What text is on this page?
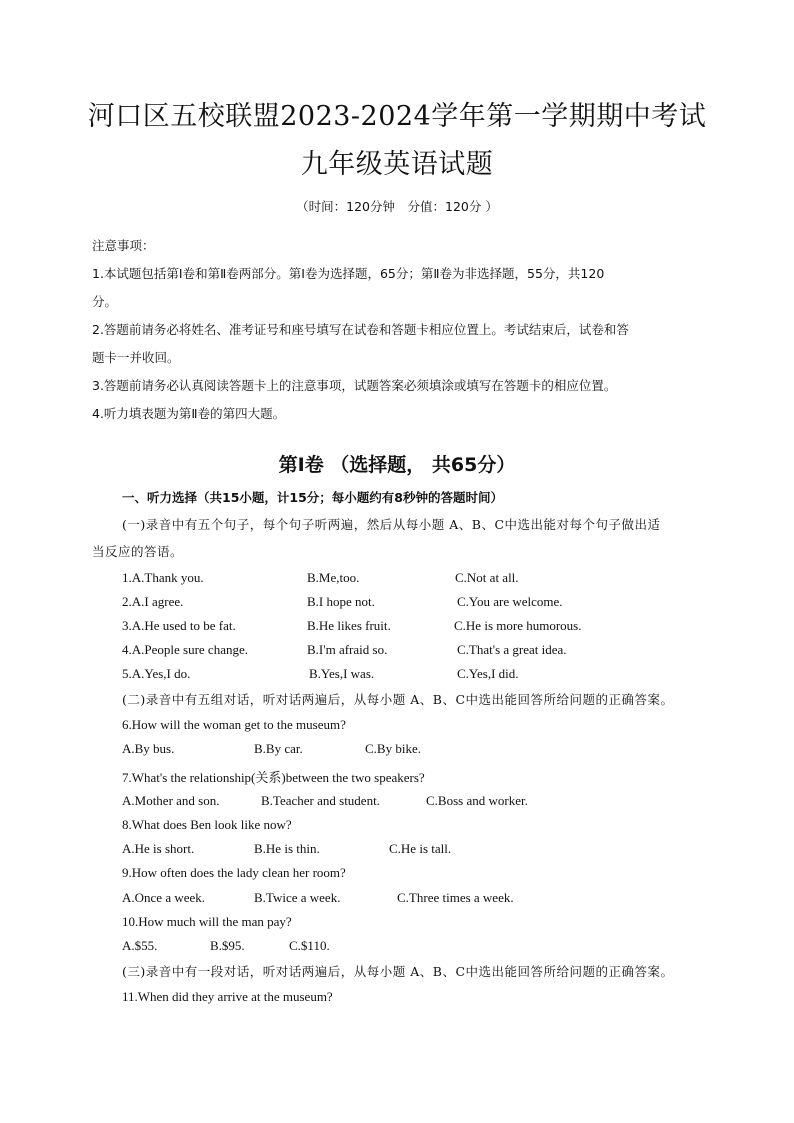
河口区五校联盟2023-2024学年第一学期期中考试
九年级英语试题
（时间：120分钟　分值：120分 ）
注意事项：
1.本试题包括第Ⅰ卷和第Ⅱ卷两部分。第Ⅰ卷为选择题，65分；第Ⅱ卷为非选择题，55分，共120
分。
2.答题前请务必将姓名、准考证号和座号填写在试卷和答题卡相应位置上。考试结束后，试卷和答
题卡一并收回。
3.答题前请务必认真阅读答题卡上的注意事项，试题答案必须填涂或填写在答题卡的相应位置。
4.听力填表题为第Ⅱ卷的第四大题。
第Ⅰ卷 （选择题， 共65分）
一、听力选择（共15小题，计15分；每小题约有8秒钟的答题时间）
(一)录音中有五个句子，每个句子听两遍，然后从每小题 A、B、C中选出能对每个句子做出适
当反应的答语。
1.A.Thank you.	B.Me,too.	C.Not at all.
2.A.I agree.	B.I hope not.	C.You are welcome.
3.A.He used to be fat.	B.He likes fruit.	C.He is more humorous.
4.A.People sure change.	B.I'm afraid so.	C.That's a great idea.
5.A.Yes,I do.	B.Yes,I was.	C.Yes,I did.
(二)录音中有五组对话，听对话两遍后，从每小题 A、B、C中选出能回答所给问题的正确答案。
6.How will the woman get to the museum?
A.By bus.	B.By car.	C.By bike.
7.What's the relationship(关系)between the two speakers?
A.Mother and son.	B.Teacher and student.	C.Boss and worker.
8.What does Ben look like now?
A.He is short.	B.He is thin.	C.He is tall.
9.How often does the lady clean her room?
A.Once a week.	B.Twice a week.	C.Three times a week.
10.How much will the man pay?
A.$55.	B.$95.	C.$110.
(三)录音中有一段对话，听对话两遍后，从每小题 A、B、C中选出能回答所给问题的正确答案。
11.When did they arrive at the museum?
